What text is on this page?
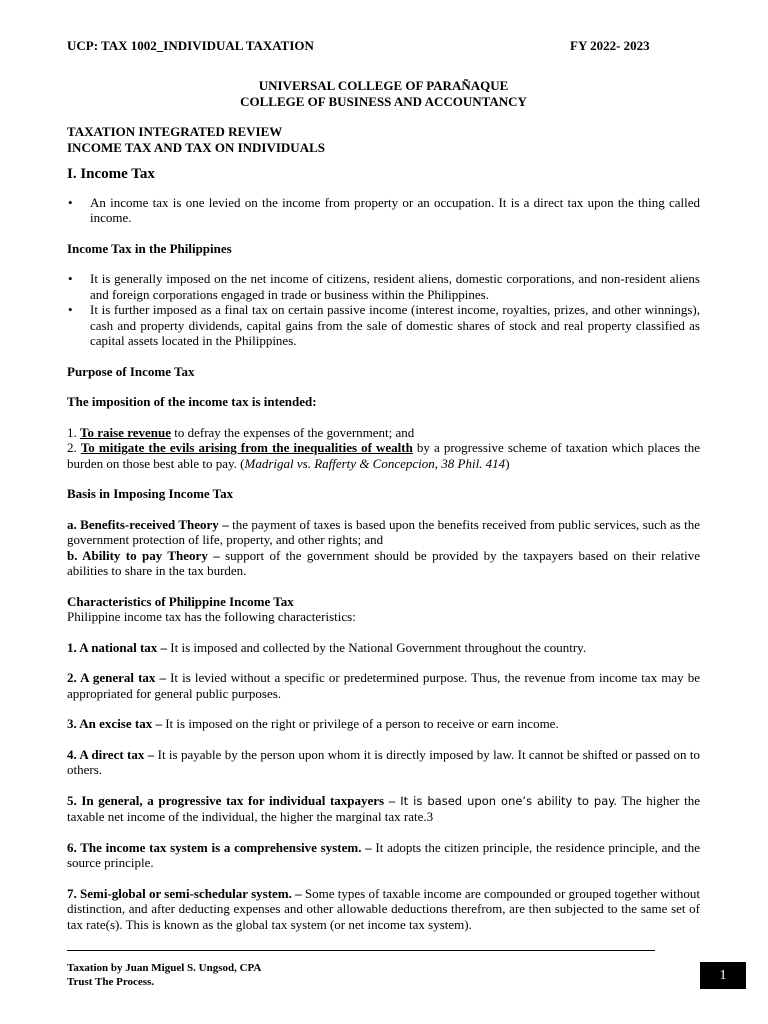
UCP: TAX 1002_INDIVIDUAL TAXATION	FY 2022- 2023
UNIVERSAL COLLEGE OF PARAÑAQUE
COLLEGE OF BUSINESS AND ACCOUNTANCY
TAXATION INTEGRATED REVIEW
INCOME TAX AND TAX ON INDIVIDUALS

I. Income Tax

• An income tax is one levied on the income from property or an occupation. It is a direct tax upon the thing called income.
Income Tax in the Philippines
• It is generally imposed on the net income of citizens, resident aliens, domestic corporations, and non-resident aliens and foreign corporations engaged in trade or business within the Philippines.
• It is further imposed as a final tax on certain passive income (interest income, royalties, prizes, and other winnings), cash and property dividends, capital gains from the sale of domestic shares of stock and real property classified as capital assets located in the Philippines.
Purpose of Income Tax
The imposition of the income tax is intended:

1. To raise revenue to defray the expenses of the government; and

2. To mitigate the evils arising from the inequalities of wealth by a progressive scheme of taxation which places the burden on those best able to pay. (Madrigal vs. Rafferty & Concepcion, 38 Phil. 414)

Basis in Imposing Income Tax

a. Benefits-received Theory – the payment of taxes is based upon the benefits received from public services, such as the government protection of life, property, and other rights; and

b. Ability to pay Theory – support of the government should be provided by the taxpayers based on their relative abilities to share in the tax burden.

Characteristics of Philippine Income Tax
Philippine income tax has the following characteristics:

1. A national tax – It is imposed and collected by the National Government throughout the country.

2. A general tax – It is levied without a specific or predetermined purpose. Thus, the revenue from income tax may be appropriated for general public purposes.

3. An excise tax – It is imposed on the right or privilege of a person to receive or earn income.

4. A direct tax – It is payable by the person upon whom it is directly imposed by law. It cannot be shifted or passed on to others.

5. In general, a progressive tax for individual taxpayers – It is based upon one’s ability to pay. The higher the taxable net income of the individual, the higher the marginal tax rate.3

6. The income tax system is a comprehensive system. – It adopts the citizen principle, the residence principle, and the source principle.

7. Semi-global or semi-schedular system. – Some types of taxable income are compounded or grouped together without distinction, and after deducting expenses and other allowable deductions therefrom, are then subjected to the same set of tax rate(s). This is known as the global tax system (or net income tax system).

Taxation by Juan Miguel S. Ungsod, CPA
Trust The Process.	1
